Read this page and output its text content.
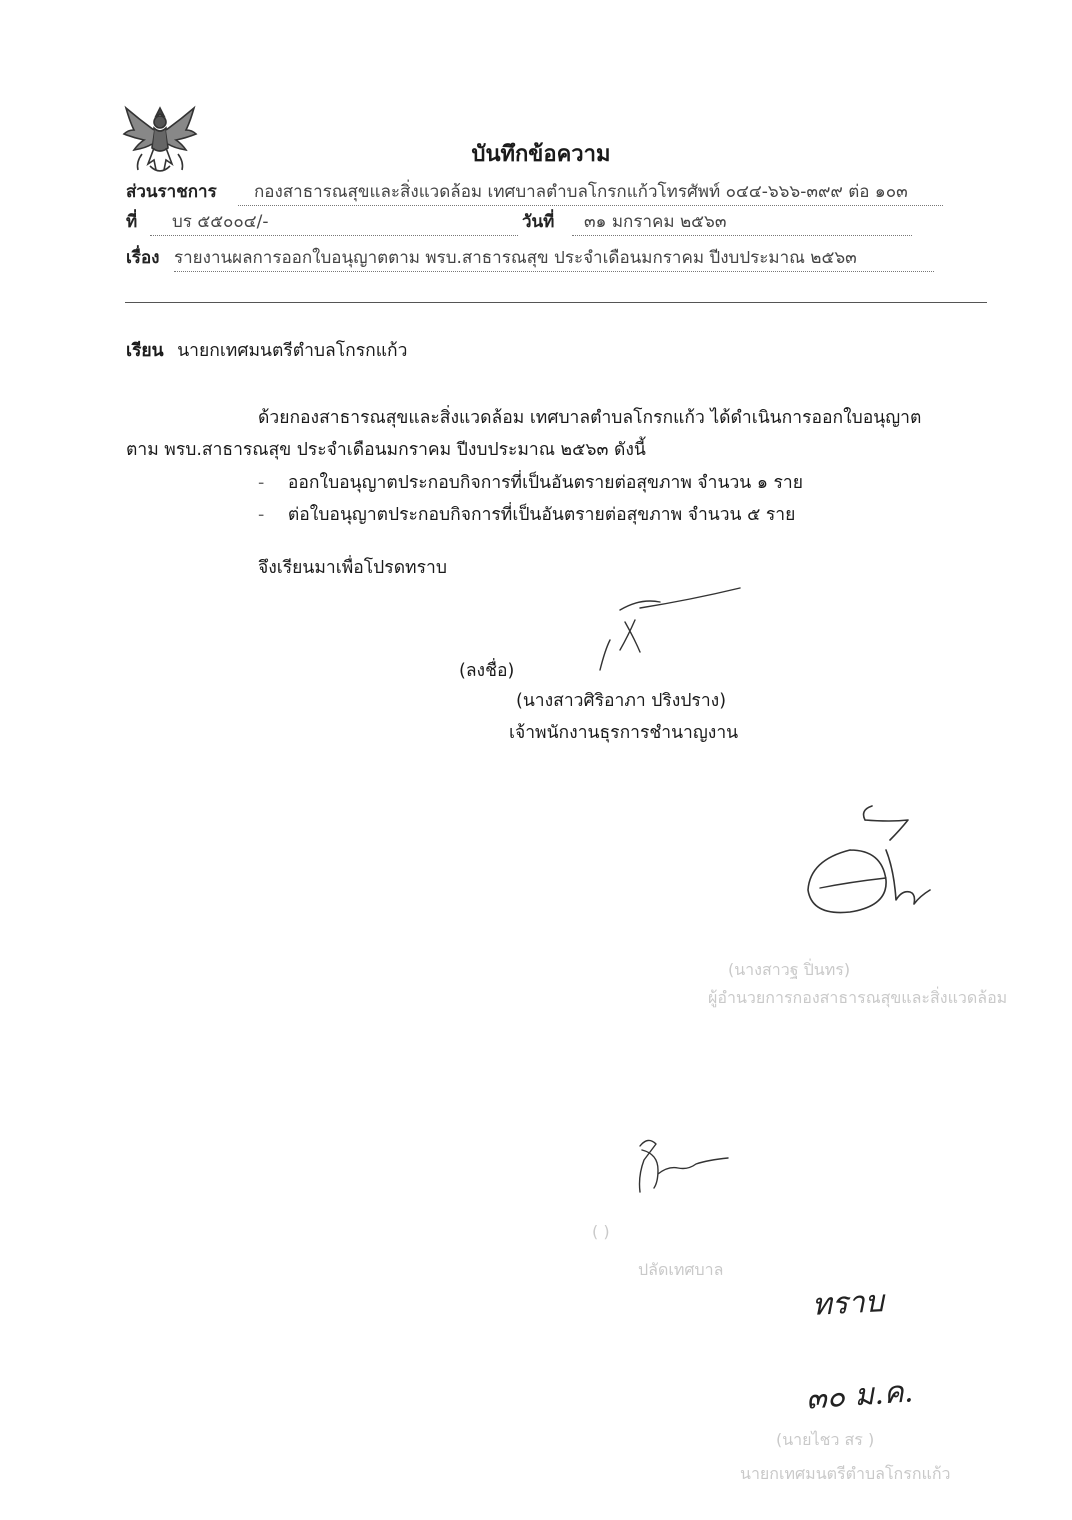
บันทึกข้อความ
ส่วนราชการ	กองสาธารณสุขและสิ่งแวดล้อม เทศบาลตำบลโกรกแก้วโทรศัพท์ ๐๔๔-๖๖๖-๓๙๙ ต่อ ๑๐๓
ที่	บร ๕๕๐๐๔/-	วันที่	๓๑ มกราคม ๒๕๖๓
เรื่อง รายงานผลการออกใบอนุญาตตาม พรบ.สาธารณสุข ประจำเดือนมกราคม ปีงบประมาณ ๒๕๖๓
เรียน นายกเทศมนตรีตำบลโกรกแก้ว
ด้วยกองสาธารณสุขและสิ่งแวดล้อม เทศบาลตำบลโกรกแก้ว ได้ดำเนินการออกใบอนุญาต
ตาม พรบ.สาธารณสุข ประจำเดือนมกราคม ปีงบประมาณ ๒๕๖๓ ดังนี้
- ออกใบอนุญาตประกอบกิจการที่เป็นอันตรายต่อสุขภาพ จำนวน ๑ ราย
- ต่อใบอนุญาตประกอบกิจการที่เป็นอันตรายต่อสุขภาพ จำนวน ๕ ราย
จึงเรียนมาเพื่อโปรดทราบ
(ลงชื่อ)
(นางสาวศิริอาภา ปริงปราง)
เจ้าพนักงานธุรการชำนาญงาน
(นางสาวฐ ปิ่นทร)
ผู้อำนวยการกองสาธารณสุขและสิ่งแวดล้อม
( )
ปลัดเทศบาล
ทราบ
๓๐ ม.ค.
(นายไชว สร )
นายกเทศมนตรีตำบลโกรกแก้ว
